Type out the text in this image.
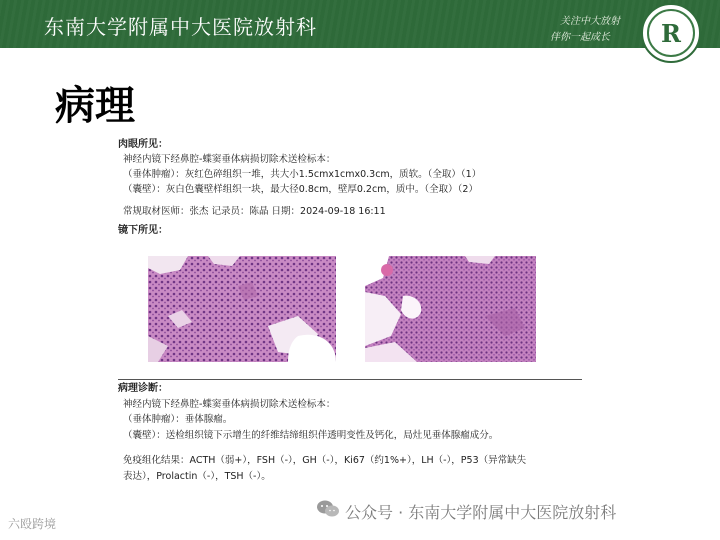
东南大学附属中大医院放射科	关注中大放射
伴你一起成长	R
病理
肉眼所见：
神经内镜下经鼻腔-蝶窦垂体病损切除术送检标本：
（垂体肿瘤）：灰红色碎组织一堆，共大小1.5cmx1cmx0.3cm，质软。（全取）（1）
（囊壁）：灰白色囊壁样组织一块，最大径0.8cm，壁厚0.2cm，质中。（全取）（2）
常规取材医师：张杰 记录员：陈晶 日期：2024-09-18 16:11
镜下所见：
病理诊断：
神经内镜下经鼻腔-蝶窦垂体病损切除术送检标本：
（垂体肿瘤）：垂体腺瘤。
（囊壁）：送检组织镜下示增生的纤维结缔组织伴透明变性及钙化，局灶见垂体腺瘤成分。
免疫组化结果：ACTH（弱+），FSH（-），GH（-），Ki67（约1%+），LH（-），P53（异常缺失
表达），Prolactin（-），TSH（-）。
公众号 · 东南大学附属中大医院放射科
六殴跨境
